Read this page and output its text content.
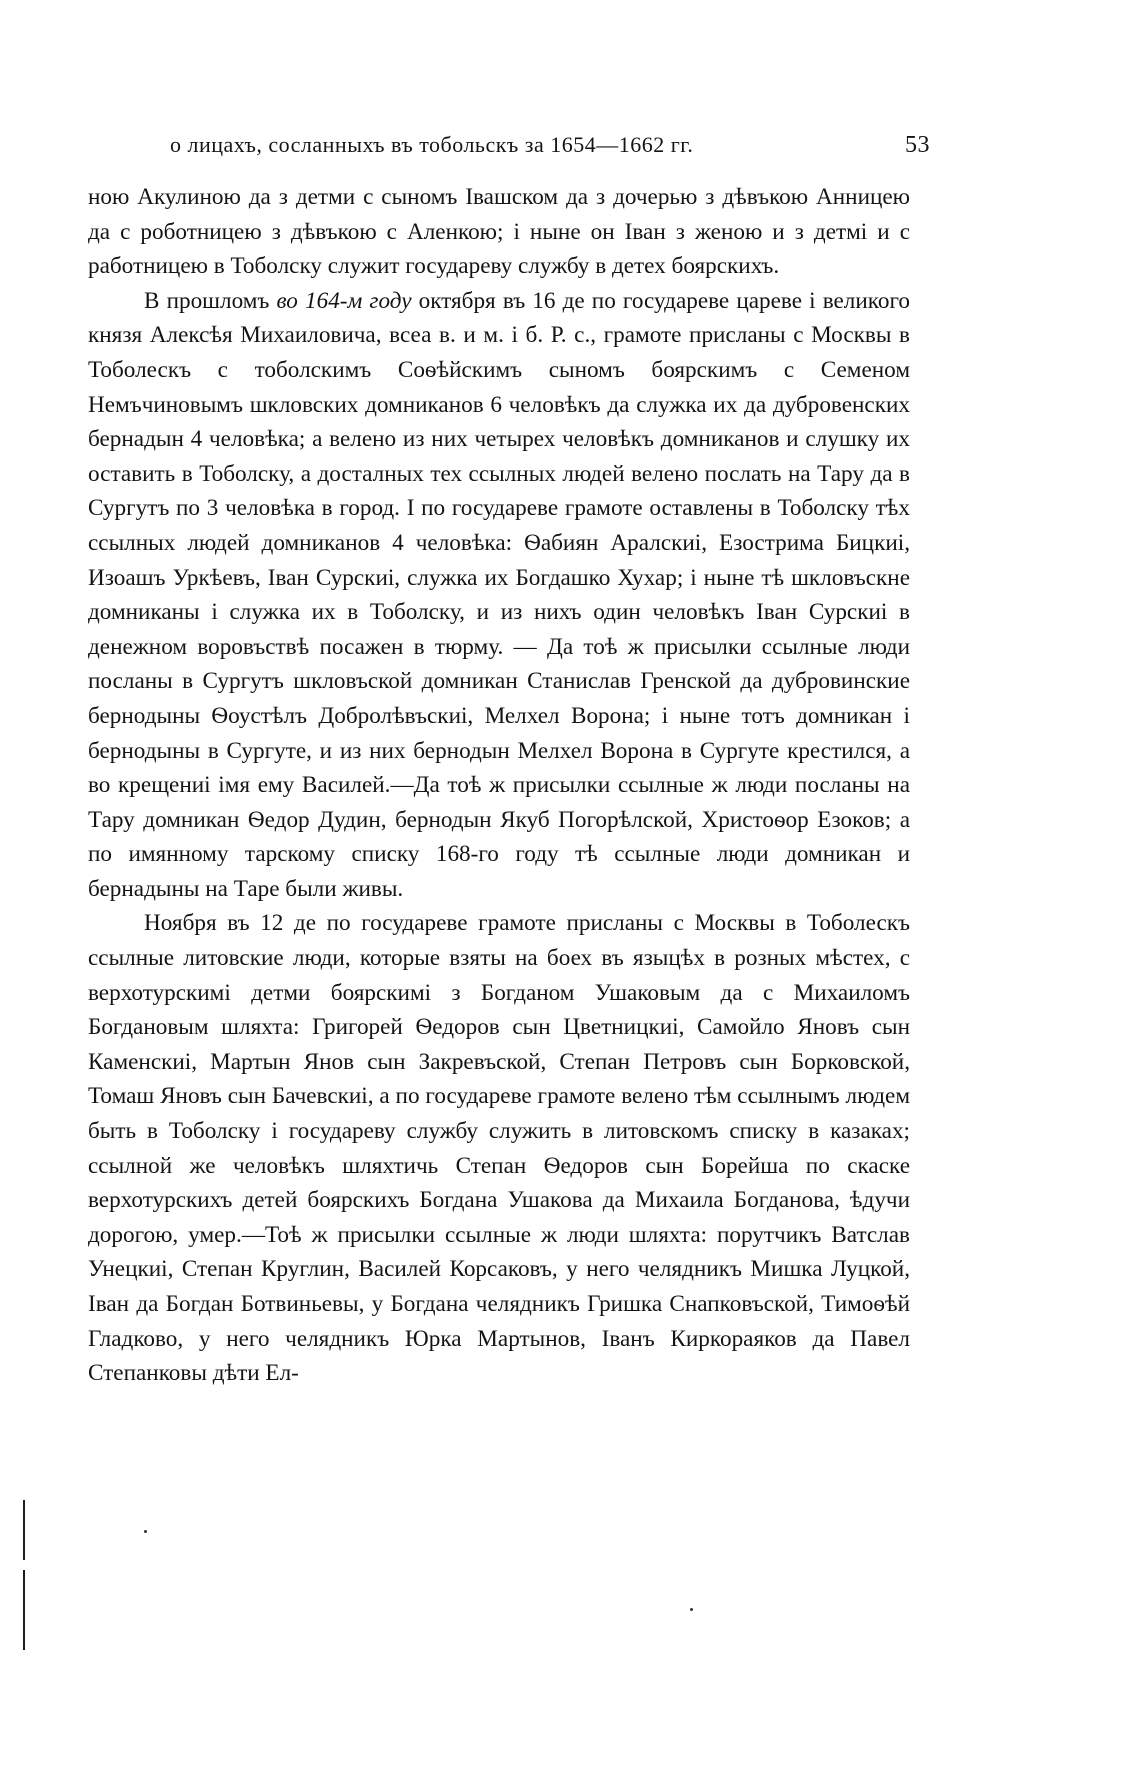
о лицахъ, сосланныхъ въ тобольскъ за 1654—1662 гг.	53

ною Акулиною да з детми с сыномъ Івашском да з дочерью з дѣвъкою Анницею да с роботницею з дѣвъкою с Аленкою; і ныне он Іван з женою и з детмі и с работницею в Тоболску служит государеву службу в детех боярскихъ.

В прошломъ во 164-м году октября въ 16 де по государеве цареве і великого князя Алексѣя Михаиловича, всеа в. и м. і б. Р. с., грамоте присланы с Москвы в Тоболескъ с тоболскимъ Соѳѣйскимъ сыномъ боярскимъ с Семеном Немъчиновымъ шкловских домниканов 6 человѣкъ да служка их да дубровенских бернадын 4 человѣка; а велено из них четырех человѣкъ домниканов и слушку их оставить в Тоболску, а досталных тех ссылных людей велено послать на Тару да в Сургутъ по 3 человѣка в город. І по государеве грамоте оставлены в Тоболску тѣх ссылных людей домниканов 4 человѣка: Ѳабиян Аралскиі, Езострима Бицкиі, Изоашъ Уркѣевъ, Іван Сурскиі, служка их Богдашко Хухар; і ныне тѣ шкловъскне домниканы і служка их в Тоболску, и из нихъ один человѣкъ Іван Сурскиі в денежном воровъствѣ посажен в тюрму. — Да тоѣ ж присылки ссылные люди посланы в Сургутъ шкловъской домникан Станислав Гренской да дубровинские бернодыны Ѳоустѣлъ Добролѣвъскиі, Мелхел Ворона; і ныне тотъ домникан і бернодыны в Сургуте, и из них бернодын Мелхел Ворона в Сургуте крестился, а во крещениі імя ему Василей.—Да тоѣ ж присылки ссылные ж люди посланы на Тару домникан Ѳедор Дудин, бернодын Якуб Погорѣлской, Христоѳор Езоков; а по имянному тарскому списку 168-го году тѣ ссылные люди домникан и бернадыны на Таре были живы.

Ноября въ 12 де по государеве грамоте присланы с Москвы в Тоболескъ ссылные литовские люди, которые взяты на боех въ языцѣх в розных мѣстех, с верхотурскимі детми боярскимі з Богданом Ушаковым да с Михаиломъ Богдановым шляхта: Григорей Ѳедоров сын Цветницкиі, Самойло Яновъ сын Каменскиі, Мартын Янов сын Закревъской, Степан Петровъ сын Борковской, Томаш Яновъ сын Бачевскиі, а по государеве грамоте велено тѣм ссылнымъ людем быть в Тоболску і государеву службу служить в литовскомъ списку в казаках; ссылной же человѣкъ шляхтичь Степан Ѳедоров сын Борейша по скаске верхотурскихъ детей боярскихъ Богдана Ушакова да Михаила Богданова, ѣдучи дорогою, умер.—Тоѣ ж присылки ссылные ж люди шляхта: порутчикъ Ватслав Унецкиі, Степан Круглин, Василей Корсаковъ, у него челядникъ Мишка Луцкой, Іван да Богдан Ботвиньевы, у Богдана челядникъ Гришка Снапковъской, Тимоѳѣй Гладково, у него челядникъ Юрка Мартынов, Іванъ Киркораяков да Павел Степанковы дѣти Ел-
